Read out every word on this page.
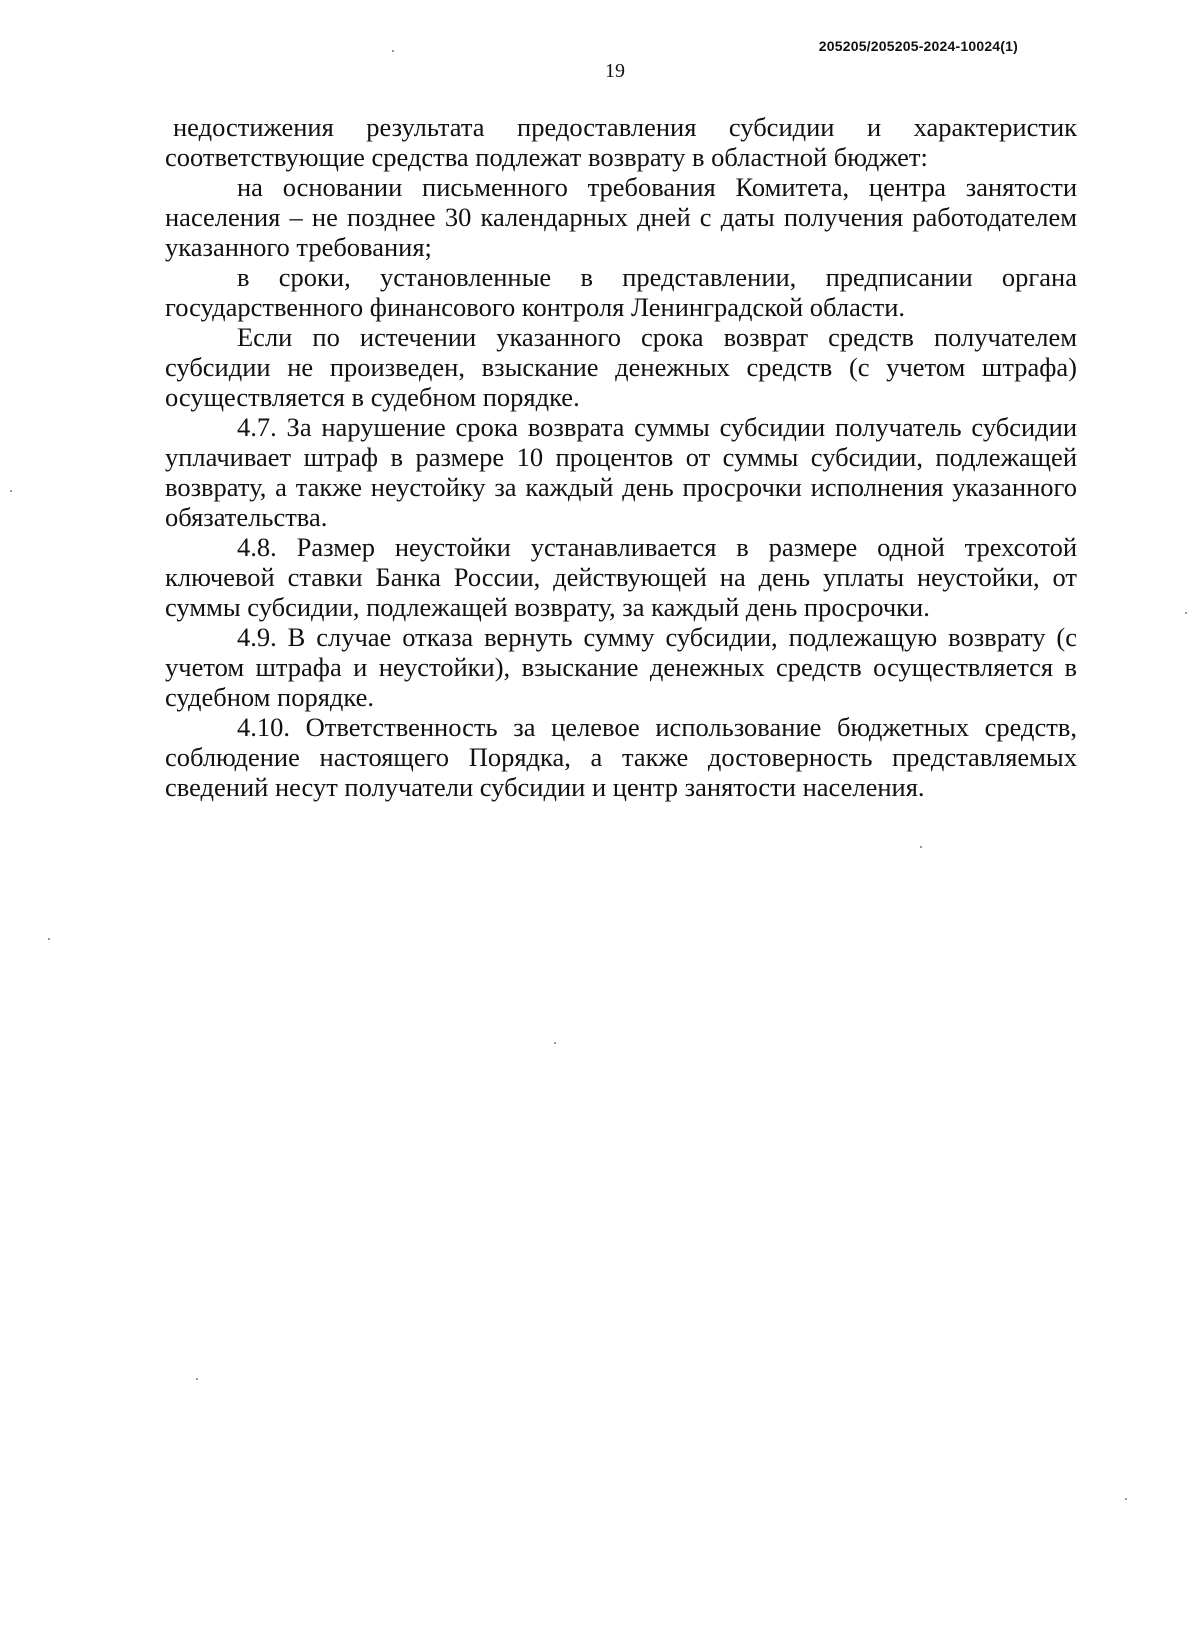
205205/205205-2024-10024(1)
19

недостижения результата предоставления субсидии и характеристик соответствующие средства подлежат возврату в областной бюджет:

на основании письменного требования Комитета, центра занятости населения – не позднее 30 календарных дней с даты получения работодателем указанного требования;

в сроки, установленные в представлении, предписании органа государственного финансового контроля Ленинградской области.

Если по истечении указанного срока возврат средств получателем субсидии не произведен, взыскание денежных средств (с учетом штрафа) осуществляется в судебном порядке.

4.7. За нарушение срока возврата суммы субсидии получатель субсидии уплачивает штраф в размере 10 процентов от суммы субсидии, подлежащей возврату, а также неустойку за каждый день просрочки исполнения указанного обязательства.

4.8. Размер неустойки устанавливается в размере одной трехсотой ключевой ставки Банка России, действующей на день уплаты неустойки, от суммы субсидии, подлежащей возврату, за каждый день просрочки.

4.9. В случае отказа вернуть сумму субсидии, подлежащую возврату (с учетом штрафа и неустойки), взыскание денежных средств осуществляется в судебном порядке.

4.10. Ответственность за целевое использование бюджетных средств, соблюдение настоящего Порядка, а также достоверность представляемых сведений несут получатели субсидии и центр занятости населения.
